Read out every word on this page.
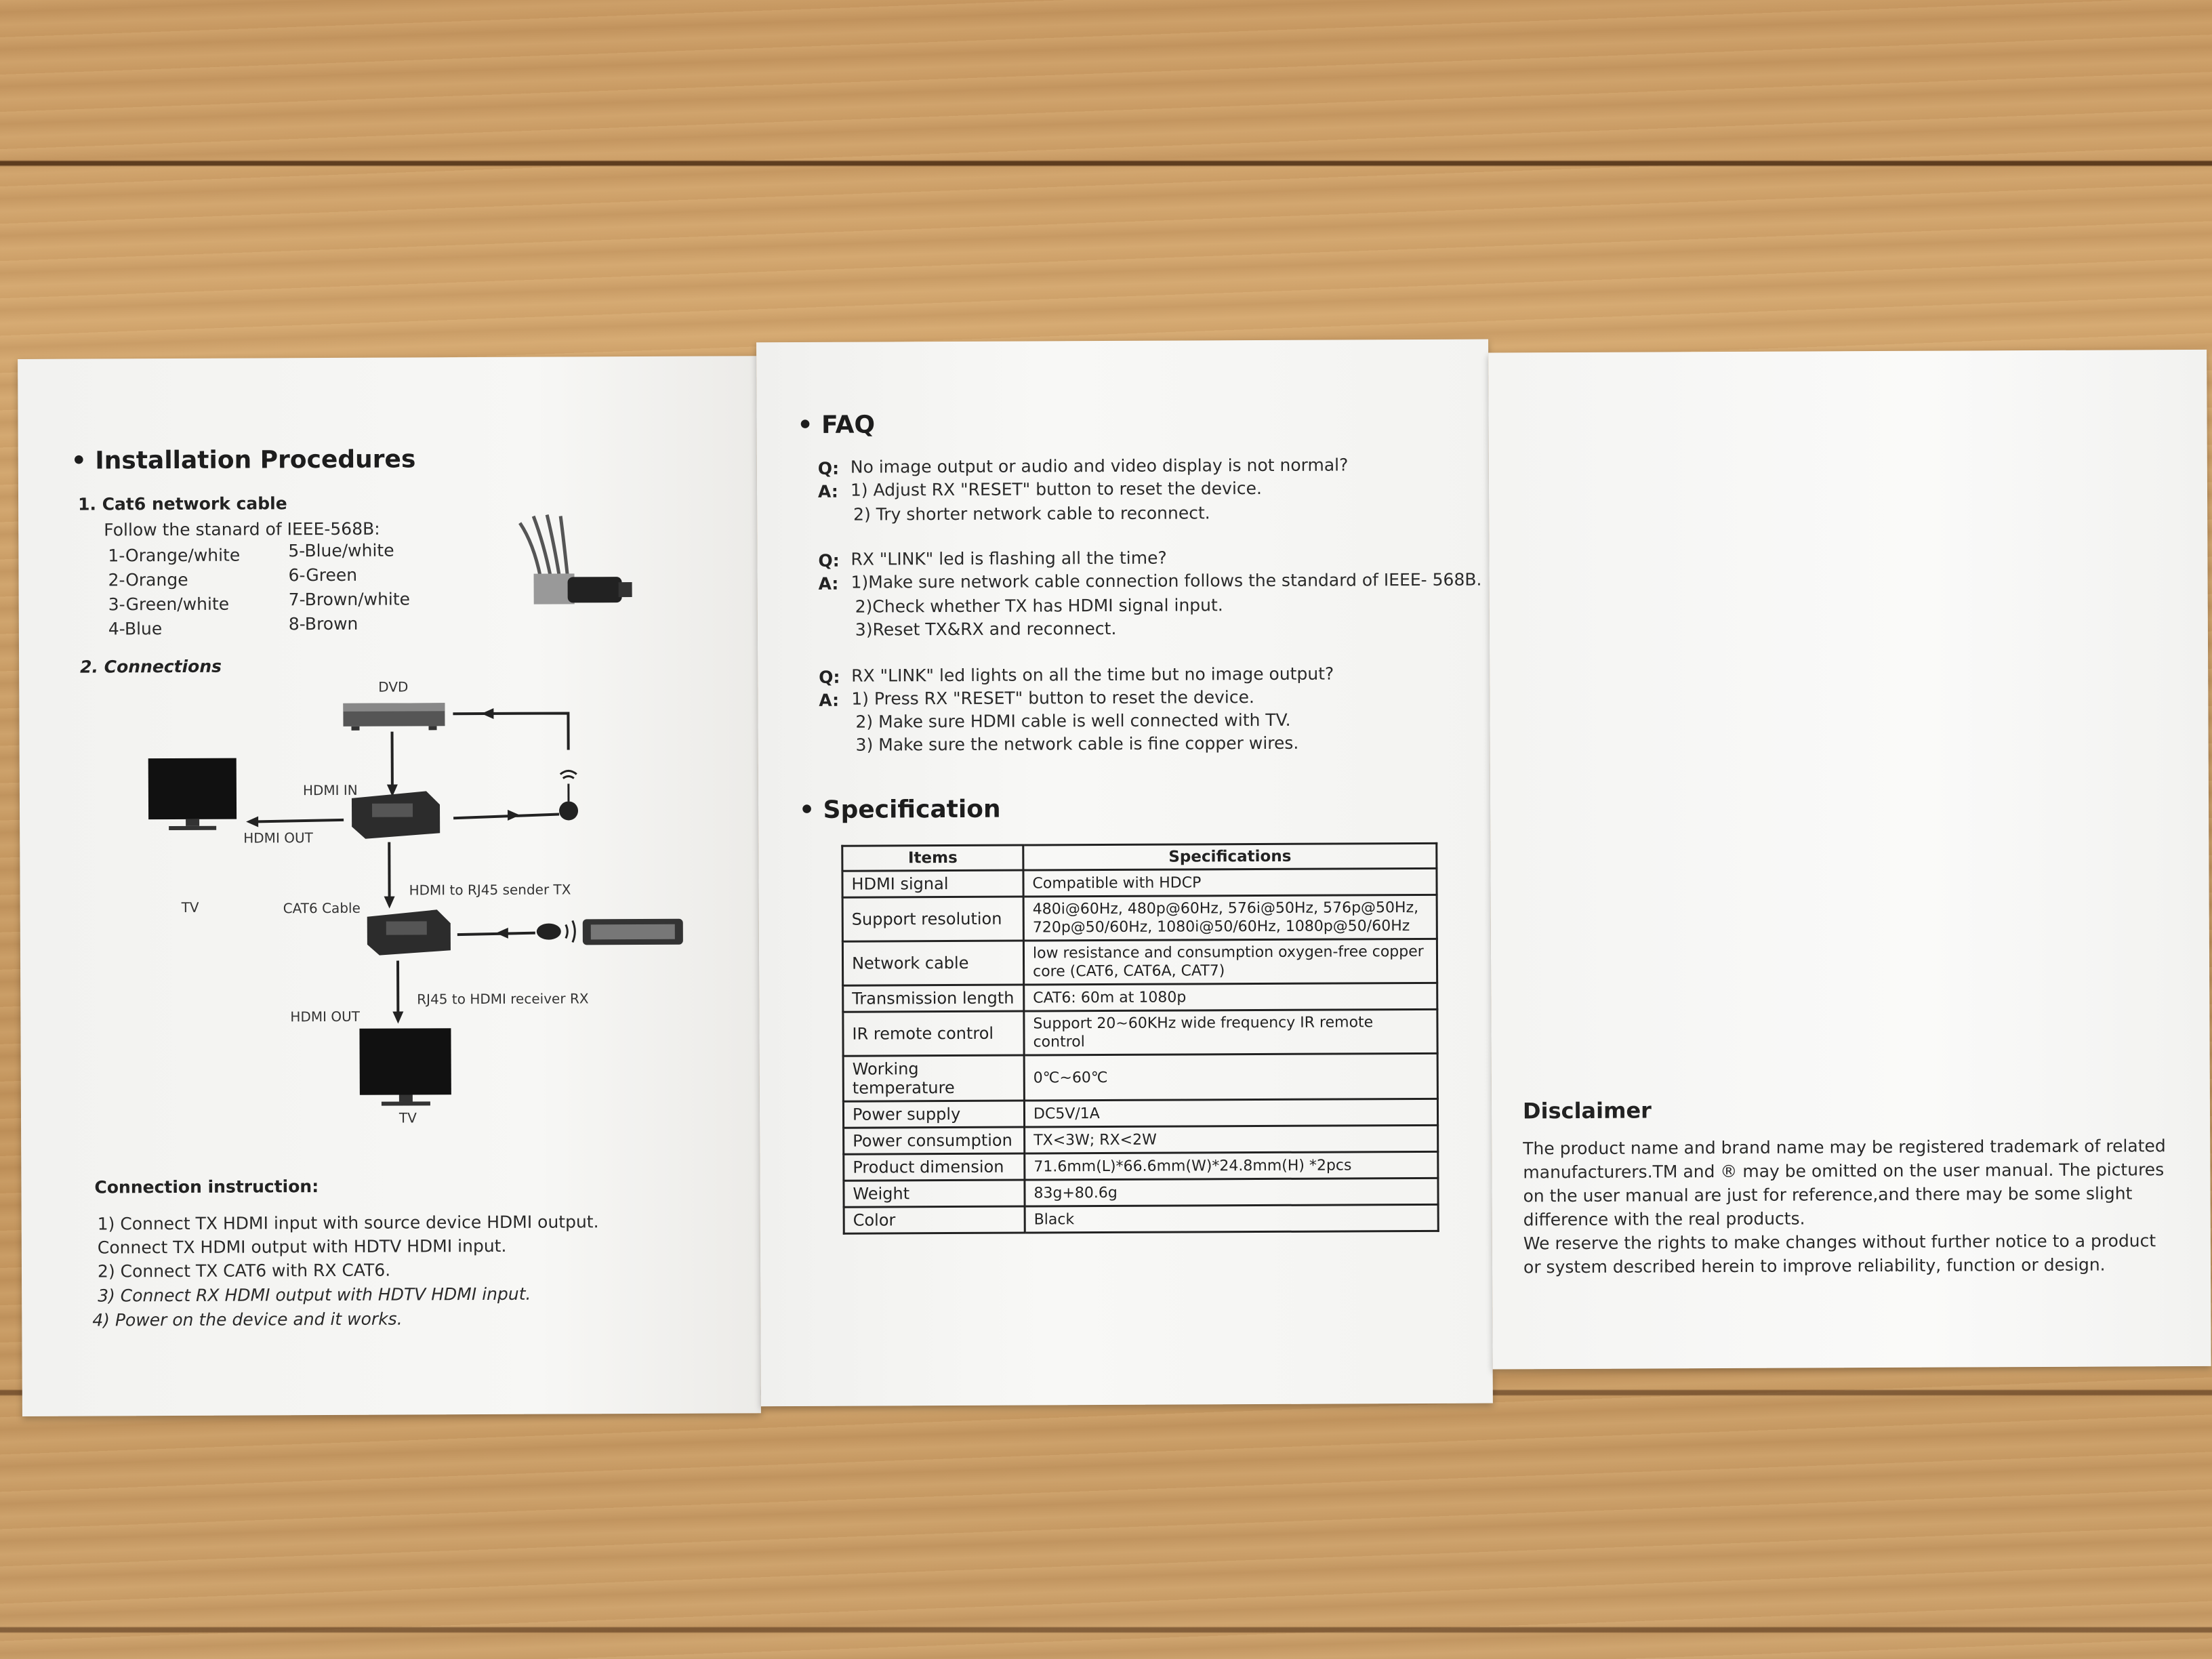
• Installation Procedures
1. Cat6 network cable
Follow the stanard of IEEE-568B:
1-Orange/white
2-Orange
3-Green/white
4-Blue
5-Blue/white
6-Green
7-Brown/white
8-Brown
2. Connections
DVD
HDMI IN
HDMI OUT
TV	CAT6 Cable
HDMI to RJ45 sender TX
RJ45 to HDMI receiver RX
HDMI OUT
TV
Connection instruction:
1) Connect TX HDMI input with source device HDMI output.
Connect TX HDMI output with HDTV HDMI input.
2) Connect TX CAT6 with RX CAT6.
3) Connect RX HDMI output with HDTV HDMI input.
4) Power on the device and it works.
• FAQ
Q: No image output or audio and video display is not normal?
A: 1) Adjust RX "RESET" button to reset the device.
2) Try shorter network cable to reconnect.
Q: RX "LINK" led is flashing all the time?
A: 1)Make sure network cable connection follows the standard of IEEE- 568B.
2)Check whether TX has HDMI signal input.
3)Reset TX&RX and reconnect.
Q: RX "LINK" led lights on all the time but no image output?
A: 1) Press RX "RESET" button to reset the device.
2) Make sure HDMI cable is well connected with TV.
3) Make sure the network cable is fine copper wires.
• Specification
Items	Specifications
HDMI signal	Compatible with HDCP
Support resolution	480i@60Hz, 480p@60Hz, 576i@50Hz, 576p@50Hz, 720p@50/60Hz, 1080i@50/60Hz, 1080p@50/60Hz
Network cable	low resistance and consumption oxygen-free copper core (CAT6, CAT6A, CAT7)
Transmission length	CAT6: 60m at 1080p
IR remote control	Support 20~60KHz wide frequency IR remote control
Working temperature	0℃~60℃
Power supply	DC5V/1A
Power consumption	TX<3W; RX<2W
Product dimension	71.6mm(L)*66.6mm(W)*24.8mm(H) *2pcs
Weight	83g+80.6g
Color	Black
Disclaimer
The product name and brand name may be registered trademark of related
manufacturers.TM and ® may be omitted on the user manual. The pictures
on the user manual are just for reference,and there may be some slight
difference with the real products.
We reserve the rights to make changes without further notice to a product
or system described herein to improve reliability, function or design.
